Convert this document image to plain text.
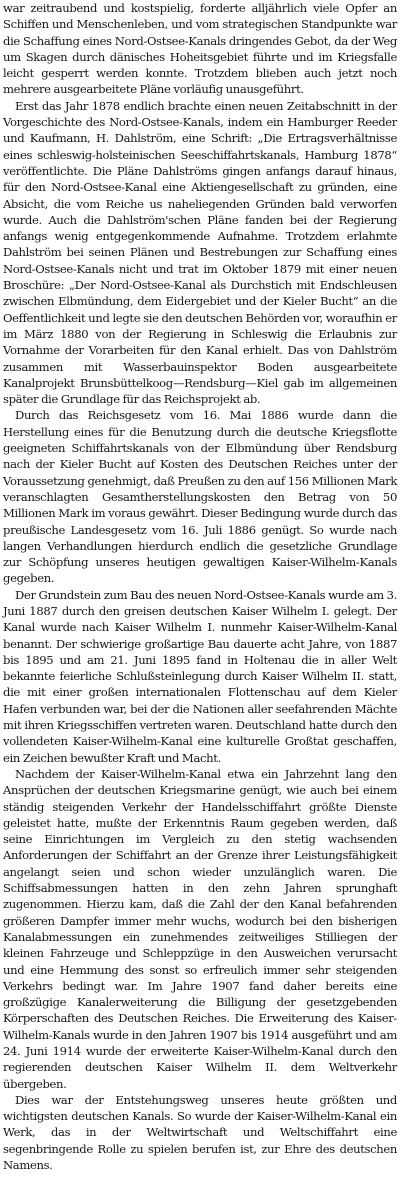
war zeitraubend und kostspielig, forderte alljährlich viele Opfer an Schiffen und Menschenleben, und vom strategischen Standpunkte war die Schaffung eines Nord-Ostsee-Kanals dringendes Gebot, da der Weg um Skagen durch dänisches Hoheitsgebiet führte und im Kriegsfalle leicht gesperrt werden konnte. Trotzdem blieben auch jetzt noch mehrere ausgearbeitete Pläne vorläufig unausgeführt.

Erst das Jahr 1878 endlich brachte einen neuen Zeitabschnitt in der Vorgeschichte des Nord-Ostsee-Kanals, indem ein Hamburger Reeder und Kaufmann, H. Dahlström, eine Schrift: „Die Ertragsverhältnisse eines schleswig-holsteinischen Seeschiffahrtskanals, Hamburg 1878“ veröffentlichte. Die Pläne Dahlströms gingen anfangs darauf hinaus, für den Nord-Ostsee-Kanal eine Aktiengesellschaft zu gründen, eine Absicht, die vom Reiche us naheliegenden Gründen bald verworfen wurde. Auch die Dahlström'schen Pläne fanden bei der Regierung anfangs wenig entgegenkommende Aufnahme. Trotzdem erlahmte Dahlström bei seinen Plänen und Bestrebungen zur Schaffung eines Nord-Ostsee-Kanals nicht und trat im Oktober 1879 mit einer neuen Broschüre: „Der Nord-Ostsee-Kanal als Durchstich mit Endschleusen zwischen Elbmündung, dem Eidergebiet und der Kieler Bucht“ an die Oeffentlichkeit und legte sie den deutschen Behörden vor, woraufhin er im März 1880 von der Regierung in Schleswig die Erlaubnis zur Vornahme der Vorarbeiten für den Kanal erhielt. Das von Dahlström zusammen mit Wasserbauinspektor Boden ausgearbeitete Kanalprojekt Brunsbüttelkoog—Rendsburg—Kiel gab im allgemeinen später die Grundlage für das Reichsprojekt ab.

Durch das Reichsgesetz vom 16. Mai 1886 wurde dann die Herstellung eines für die Benutzung durch die deutsche Kriegsflotte geeigneten Schiffahrtskanals von der Elbmündung über Rendsburg nach der Kieler Bucht auf Kosten des Deutschen Reiches unter der Voraussetzung genehmigt, daß Preußen zu den auf 156 Millionen Mark veranschlagten Gesamtherstellungskosten den Betrag von 50 Millionen Mark im voraus gewährt. Dieser Bedingung wurde durch das preußische Landesgesetz vom 16. Juli 1886 genügt. So wurde nach langen Verhandlungen hierdurch endlich die gesetzliche Grundlage zur Schöpfung unseres heutigen gewaltigen Kaiser-Wilhelm-Kanals gegeben.

Der Grundstein zum Bau des neuen Nord-Ostsee-Kanals wurde am 3. Juni 1887 durch den greisen deutschen Kaiser Wilhelm I. gelegt. Der Kanal wurde nach Kaiser Wilhelm I. nunmehr Kaiser-Wilhelm-Kanal benannt. Der schwierige großartige Bau dauerte acht Jahre, von 1887 bis 1895 und am 21. Juni 1895 fand in Holtenau die in aller Welt bekannte feierliche Schlußsteinlegung durch Kaiser Wilhelm II. statt, die mit einer großen internationalen Flottenschau auf dem Kieler Hafen verbunden war, bei der die Nationen aller seefahrenden Mächte mit ihren Kriegsschiffen vertreten waren. Deutschland hatte durch den vollendeten Kaiser-Wilhelm-Kanal eine kulturelle Großtat geschaffen, ein Zeichen bewußter Kraft und Macht.

Nachdem der Kaiser-Wilhelm-Kanal etwa ein Jahrzehnt lang den Ansprüchen der deutschen Kriegsmarine genügt, wie auch bei einem ständig steigenden Verkehr der Handelsschiffahrt größte Dienste geleistet hatte, mußte der Erkenntnis Raum gegeben werden, daß seine Einrichtungen im Vergleich zu den stetig wachsenden Anforderungen der Schiffahrt an der Grenze ihrer Leistungsfähigkeit angelangt seien und schon wieder unzulänglich waren. Die Schiffsabmessungen hatten in den zehn Jahren sprunghaft zugenommen. Hierzu kam, daß die Zahl der den Kanal befahrenden größeren Dampfer immer mehr wuchs, wodurch bei den bisherigen Kanalabmessungen ein zunehmendes zeitweiliges Stilliegen der kleinen Fahrzeuge und Schleppzüge in den Ausweichen verursacht und eine Hemmung des sonst so erfreulich immer sehr steigenden Verkehrs bedingt war. Im Jahre 1907 fand daher bereits eine großzügige Kanalerweiterung die Billigung der gesetzgebenden Körperschaften des Deutschen Reiches. Die Erweiterung des Kaiser-Wilhelm-Kanals wurde in den Jahren 1907 bis 1914 ausgeführt und am 24. Juni 1914 wurde der erweiterte Kaiser-Wilhelm-Kanal durch den regierenden deutschen Kaiser Wilhelm II. dem Weltverkehr übergeben.

Dies war der Entstehungsweg unseres heute größten und wichtigsten deutschen Kanals. So wurde der Kaiser-Wilhelm-Kanal ein Werk, das in der Weltwirtschaft und Weltschiffahrt eine segenbringende Rolle zu spielen berufen ist, zur Ehre des deutschen Namens.
